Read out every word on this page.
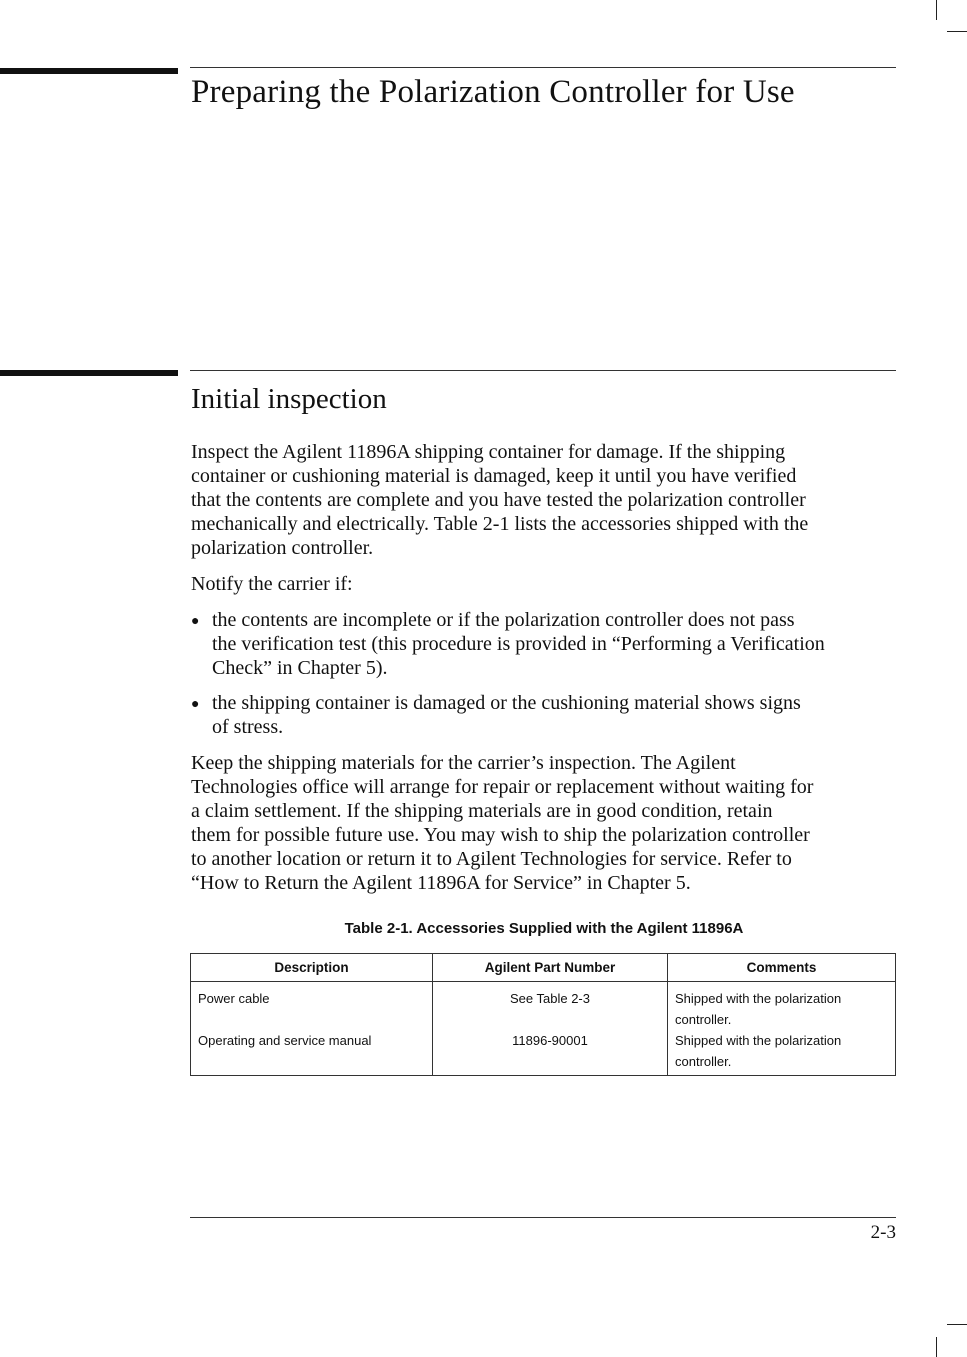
Preparing the Polarization Controller for Use
Initial inspection
Inspect the Agilent 11896A shipping container for damage. If the shipping
container or cushioning material is damaged, keep it until you have verified
that the contents are complete and you have tested the polarization controller
mechanically and electrically. Table 2-1 lists the accessories shipped with the
polarization controller.
Notify the carrier if:
● the contents are incomplete or if the polarization controller does not pass
the verification test (this procedure is provided in “Performing a Verification
Check” in Chapter 5).
● the shipping container is damaged or the cushioning material shows signs
of stress.
Keep the shipping materials for the carrier’s inspection. The Agilent
Technologies office will arrange for repair or replacement without waiting for
a claim settlement. If the shipping materials are in good condition, retain
them for possible future use. You may wish to ship the polarization controller
to another location or return it to Agilent Technologies for service. Refer to
“How to Return the Agilent 11896A for Service” in Chapter 5.
Table 2-1. Accessories Supplied with the Agilent 11896A
Description	Agilent Part Number	Comments
Power cable	See Table 2-3	Shipped with the polarization
controller.

Operating and service manual	11896-90001	Shipped with the polarization
controller.
2-3
